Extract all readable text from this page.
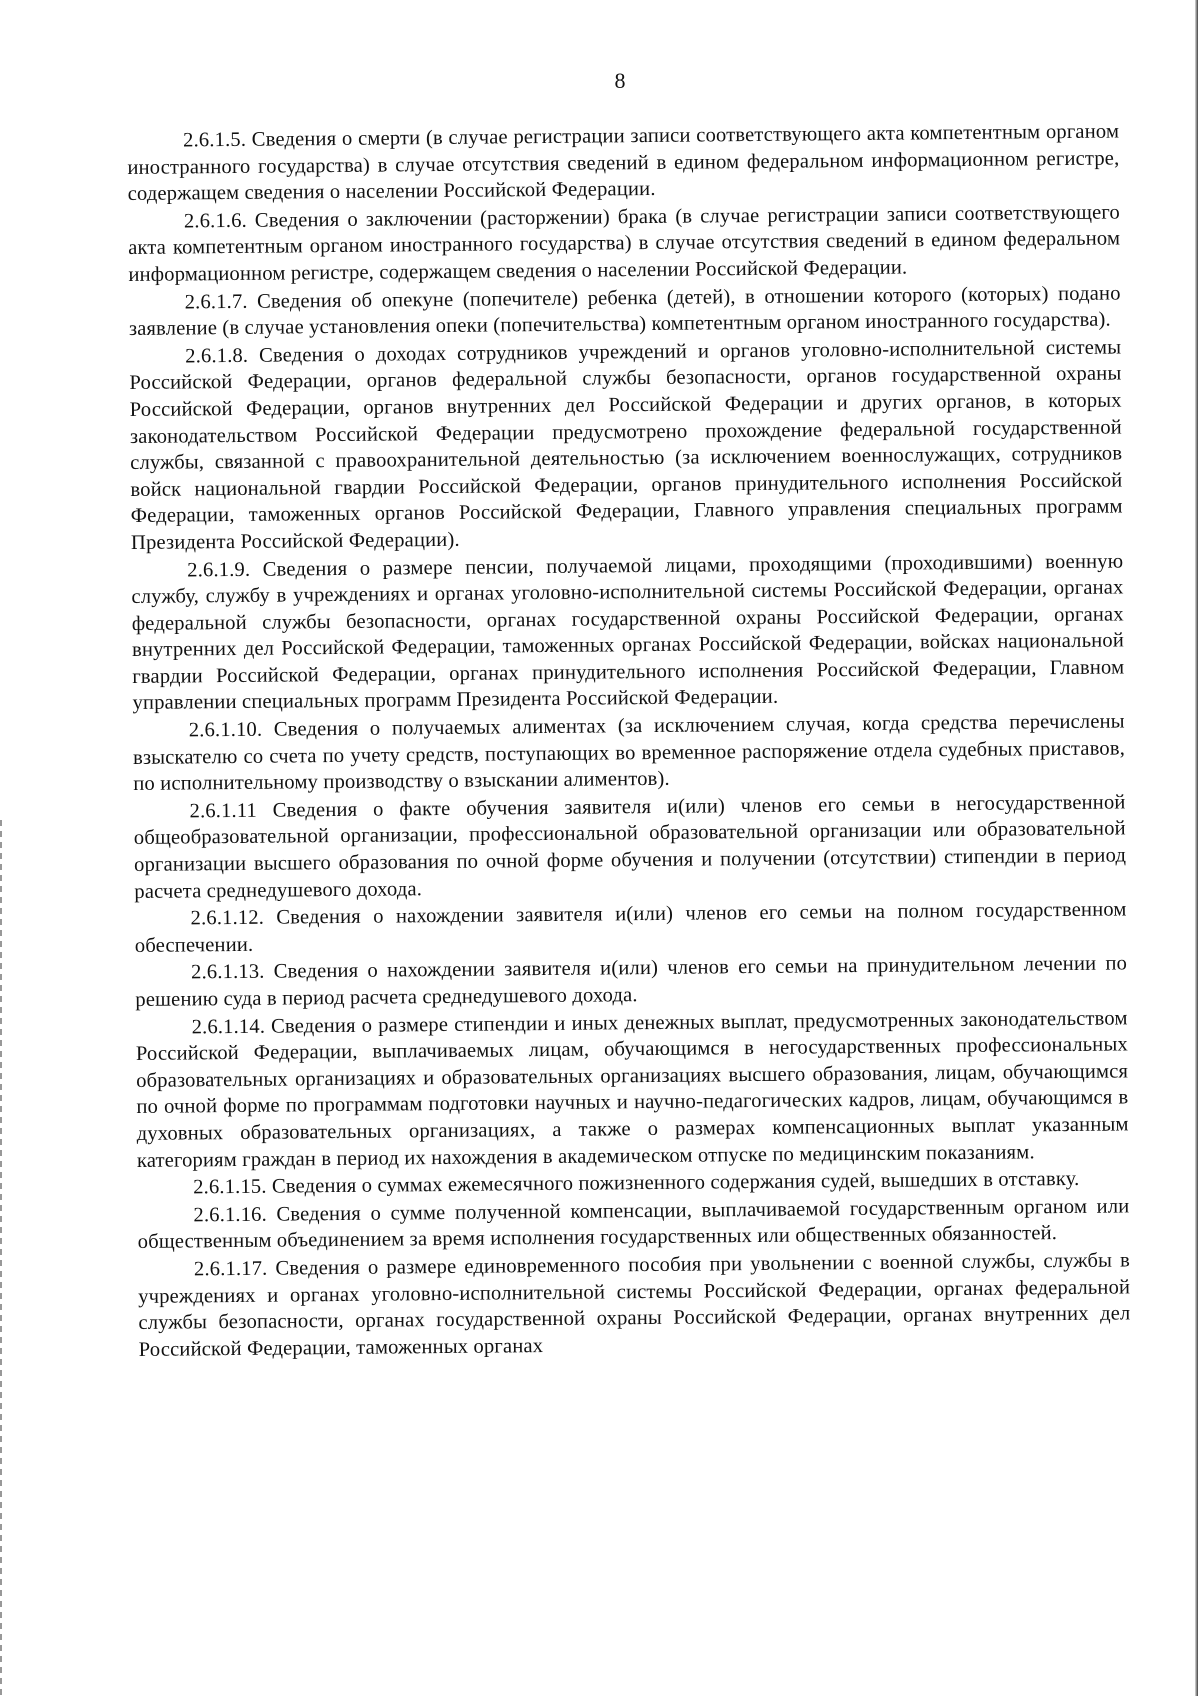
8

2.6.1.5. Сведения о смерти (в случае регистрации записи соответствующего акта компетентным органом иностранного государства) в случае отсутствия сведений в едином федеральном информационном регистре, содержащем сведения о населении Российской Федерации.

2.6.1.6. Сведения о заключении (расторжении) брака (в случае регистрации записи соответствующего акта компетентным органом иностранного государства) в случае отсутствия сведений в едином федеральном информационном регистре, содержащем сведения о населении Российской Федерации.

2.6.1.7. Сведения об опекуне (попечителе) ребенка (детей), в отношении которого (которых) подано заявление (в случае установления опеки (попечительства) компетентным органом иностранного государства).

2.6.1.8. Сведения о доходах сотрудников учреждений и органов уголовно-исполнительной системы Российской Федерации, органов федеральной службы безопасности, органов государственной охраны Российской Федерации, органов внутренних дел Российской Федерации и других органов, в которых законодательством Российской Федерации предусмотрено прохождение федеральной государственной службы, связанной с правоохранительной деятельностью (за исключением военнослужащих, сотрудников войск национальной гвардии Российской Федерации, органов принудительного исполнения Российской Федерации, таможенных органов Российской Федерации, Главного управления специальных программ Президента Российской Федерации).

2.6.1.9. Сведения о размере пенсии, получаемой лицами, проходящими (проходившими) военную службу, службу в учреждениях и органах уголовно-исполнительной системы Российской Федерации, органах федеральной службы безопасности, органах государственной охраны Российской Федерации, органах внутренних дел Российской Федерации, таможенных органах Российской Федерации, войсках национальной гвардии Российской Федерации, органах принудительного исполнения Российской Федерации, Главном управлении специальных программ Президента Российской Федерации.

2.6.1.10. Сведения о получаемых алиментах (за исключением случая, когда средства перечислены взыскателю со счета по учету средств, поступающих во временное распоряжение отдела судебных приставов, по исполнительному производству о взыскании алиментов).

2.6.1.11 Сведения о факте обучения заявителя и(или) членов его семьи в негосударственной общеобразовательной организации, профессиональной образовательной организации или образовательной организации высшего образования по очной форме обучения и получении (отсутствии) стипендии в период расчета среднедушевого дохода.

2.6.1.12. Сведения о нахождении заявителя и(или) членов его семьи на полном государственном обеспечении.

2.6.1.13. Сведения о нахождении заявителя и(или) членов его семьи на принудительном лечении по решению суда в период расчета среднедушевого дохода.

2.6.1.14. Сведения о размере стипендии и иных денежных выплат, предусмотренных законодательством Российской Федерации, выплачиваемых лицам, обучающимся в негосударственных профессиональных образовательных организациях и образовательных организациях высшего образования, лицам, обучающимся по очной форме по программам подготовки научных и научно-педагогических кадров, лицам, обучающимся в духовных образовательных организациях, а также о размерах компенсационных выплат указанным категориям граждан в период их нахождения в академическом отпуске по медицинским показаниям.

2.6.1.15. Сведения о суммах ежемесячного пожизненного содержания судей, вышедших в отставку.

2.6.1.16. Сведения о сумме полученной компенсации, выплачиваемой государственным органом или общественным объединением за время исполнения государственных или общественных обязанностей.

2.6.1.17. Сведения о размере единовременного пособия при увольнении с военной службы, службы в учреждениях и органах уголовно-исполнительной системы Российской Федерации, органах федеральной службы безопасности, органах государственной охраны Российской Федерации, органах внутренних дел Российской Федерации, таможенных органах
